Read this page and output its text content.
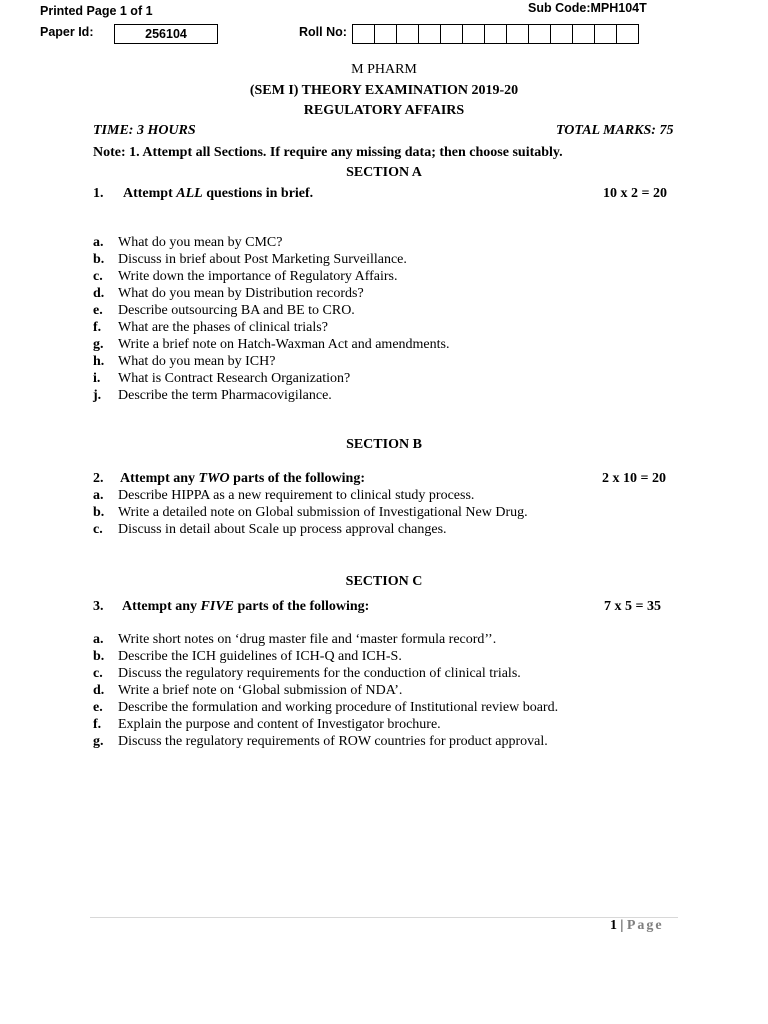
Printed Page 1 of 1	Sub Code:MPH104T
Paper Id:	256104	Roll No:
M PHARM
(SEM I) THEORY EXAMINATION 2019-20
REGULATORY AFFAIRS
TIME: 3 HOURS	TOTAL MARKS: 75
Note: 1. Attempt all Sections. If require any missing data; then choose suitably.
SECTION A
1. Attempt ALL questions in brief.	10 x 2 = 20
a. What do you mean by CMC?
b. Discuss in brief about Post Marketing Surveillance.
c. Write down the importance of Regulatory Affairs.
d. What do you mean by Distribution records?
e. Describe outsourcing BA and BE to CRO.
f. What are the phases of clinical trials?
g. Write a brief note on Hatch-Waxman Act and amendments.
h. What do you mean by ICH?
i. What is Contract Research Organization?
j. Describe the term Pharmacovigilance.
SECTION B
2. Attempt any TWO parts of the following:	2 x 10 = 20
a. Describe HIPPA as a new requirement to clinical study process.
b. Write a detailed note on Global submission of Investigational New Drug.
c. Discuss in detail about Scale up process approval changes.
SECTION C
3. Attempt any FIVE parts of the following:	7 x 5 = 35
a. Write short notes on ‘drug master file and ‘master formula record’’.
b. Describe the ICH guidelines of ICH-Q and ICH-S.
c. Discuss the regulatory requirements for the conduction of clinical trials.
d. Write a brief note on ‘Global submission of NDA’.
e. Describe the formulation and working procedure of Institutional review board.
f. Explain the purpose and content of Investigator brochure.
g. Discuss the regulatory requirements of ROW countries for product approval.
1 | Page
